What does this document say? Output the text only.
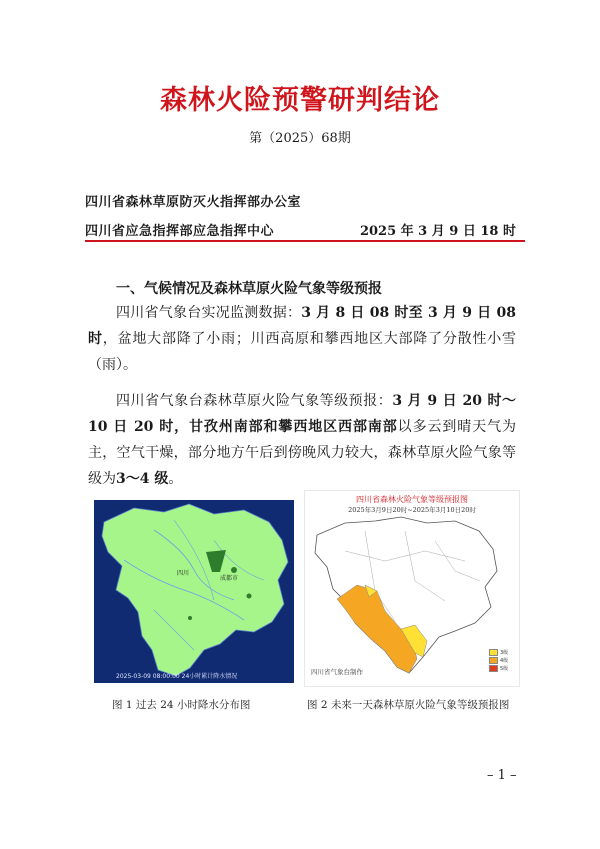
森林火险预警研判结论
第（2025）68期
四川省森林草原防灭火指挥部办公室
四川省应急指挥部应急指挥中心	2025 年 3 月 9 日 18 时
一、气候情况及森林草原火险气象等级预报

四川省气象台实况监测数据：3 月 8 日 08 时至 3 月 9 日 08 时，盆地大部降了小雨；川西高原和攀西地区大部降了分散性小雪（雨）。

四川省气象台森林草原火险气象等级预报：3 月 9 日 20 时～10 日 20 时，甘孜州南部和攀西地区西部南部以多云到晴天气为主，空气干燥，部分地方午后到傍晚风力较大，森林草原火险气象等级为3～4 级。

四川
成都市
2025-03-09 08:00:00 24小时累计降水情况
四川省森林火险气象等级预报图
2025年3月9日20时~2025年3月10日20时
3级
4级
5级
四川省气象台制作
图 1 过去 24 小时降水分布图	图 2 未来一天森林草原火险气象等级预报图
– 1 –
